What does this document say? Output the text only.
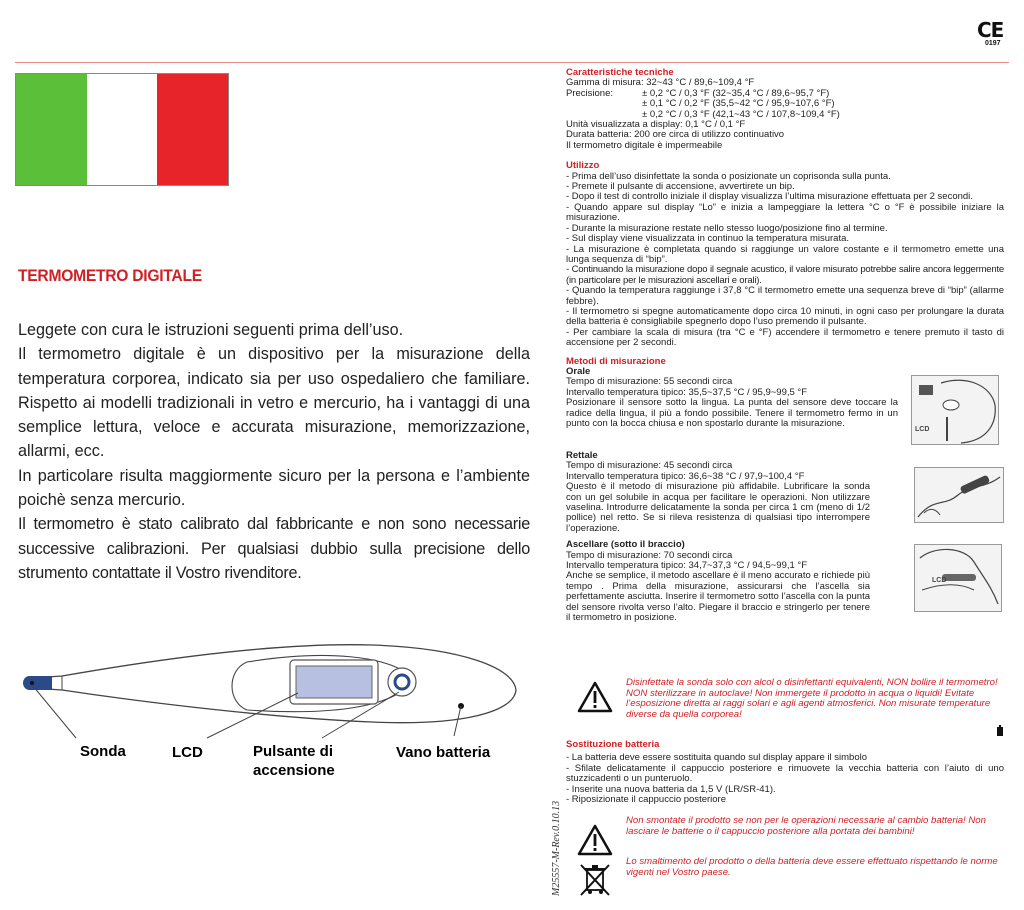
CE
0197
TERMOMETRO DIGITALE

Leggete con cura le istruzioni seguenti prima dell’uso.

Il termometro digitale è un dispositivo per la misurazione della temperatura corporea, indicato sia per uso ospedaliero che familiare. Rispetto ai modelli tradizionali in vetro e mercurio, ha i vantaggi di una semplice lettura, veloce e accurata misurazione, memorizzazione, allarmi, ecc.

In particolare risulta maggiormente sicuro per la persona e l’ambiente poichè senza mercurio.

Il termometro è stato calibrato dal fabbricante e non sono necessarie successive calibrazioni. Per qualsiasi dubbio sulla precisione dello strumento contattate il Vostro rivenditore.

Sonda	LCD	Pulsante di
accensione
Vano batteria
Caratteristiche tecniche
Gamma di misura: 32~43 °C / 89,6~109,4 °F
Precisione:	± 0,2 °C / 0,3 °F (32~35,4 °C / 89,6~95,7 °F)
± 0,1 °C / 0,2 °F (35,5~42 °C / 95,9~107,6 °F)
± 0,2 °C / 0,3 °F (42,1~43 °C / 107,8~109,4 °F)
Unità visualizzata a display: 0,1 °C / 0,1 °F
Durata batteria: 200 ore circa di utilizzo continuativo
Il termometro digitale è impermeabile
Utilizzo
- Prima dell’uso disinfettate la sonda o posizionate un coprisonda sulla punta.
- Premete il pulsante di accensione, avvertirete un bip.
- Dopo il test di controllo iniziale il display visualizza l’ultima misurazione effettuata per 2 secondi.
- Quando appare sul display “Lo” e inizia a lampeggiare la lettera °C o °F è possibile iniziare la misurazione.
- Durante la misurazione restate nello stesso luogo/posizione fino al termine.
- Sul display viene visualizzata in continuo la temperatura misurata.
- La misurazione è completata quando si raggiunge un valore costante e il termometro emette una lunga sequenza di “bip”.
- Continuando la misurazione dopo il segnale acustico, il valore misurato potrebbe salire ancora leggermente (in particolare per le misurazioni ascellari e orali).
- Quando la temperatura raggiunge i 37,8 °C il termometro emette una sequenza breve di “bip” (allarme febbre).
- Il termometro si spegne automaticamente dopo circa 10 minuti, in ogni caso per prolungare la durata della batteria è consigliabile spegnerlo dopo l’uso premendo il pulsante.
- Per cambiare la scala di misura (tra °C e °F) accendere il termometro e tenere premuto il tasto di accensione per 2 secondi.
Metodi di misurazione
Orale
Tempo di misurazione: 55 secondi circa
Intervallo temperatura tipico: 35,5~37,5 °C / 95,9~99,5 °F
Posizionare il sensore sotto la lingua. La punta del sensore deve toccare la radice della lingua, il più a fondo possibile. Tenere il termometro fermo in un punto con la bocca chiusa e non spostarlo durante la misurazione.
LCD
Rettale
Tempo di misurazione: 45 secondi circa
Intervallo temperatura tipico: 36,6~38 °C / 97,9~100,4 °F
Questo è il metodo di misurazione più affidabile. Lubrificare la sonda con un gel solubile in acqua per facilitare le operazioni. Non utilizzare vaselina. Introdurre delicatamente la sonda per circa 1 cm (meno di 1/2 pollice) nel retto. Se si rileva resistenza di qualsiasi tipo interrompere l’operazione.
Ascellare (sotto il braccio)
Tempo di misurazione: 70 secondi circa
Intervallo temperatura tipico: 34,7~37,3 °C / 94,5~99,1 °F
Anche se semplice, il metodo ascellare è il meno accurato e richiede più tempo . Prima della misurazione, assicurarsi che l’ascella sia perfettamente asciutta. Inserire il termometro sotto l’ascella con la punta del sensore rivolta verso l’alto. Piegare il braccio e stringerlo per tenere il termometro in posizione.
LCD
Disinfettate la sonda solo con alcol o disinfettanti equivalenti, NON bollire il termometro! NON sterilizzare in autoclave! Non immergete il prodotto in acqua o liquidi! Evitate l’esposizione diretta ai raggi solari e agli agenti atmosferici. Non misurate temperature diverse da quella corporea!
Sostituzione batteria
- La batteria deve essere sostituita quando sul display appare il simbolo
- Sfilate delicatamente il cappuccio posteriore e rimuovete la vecchia batteria con l’aiuto di uno stuzzicadenti o un punteruolo.
- Inserite una nuova batteria da 1,5 V (LR/SR-41).
- Riposizionate il cappuccio posteriore
Non smontate il prodotto se non per le operazioni necessarie al cambio batteria! Non lasciare le batterie o il cappuccio posteriore alla portata dei bambini!
Lo smaltimento del prodotto o della batteria deve essere effettuato rispettando le norme vigenti nel Vostro paese.
M25557-M-Rev.0.10.13
